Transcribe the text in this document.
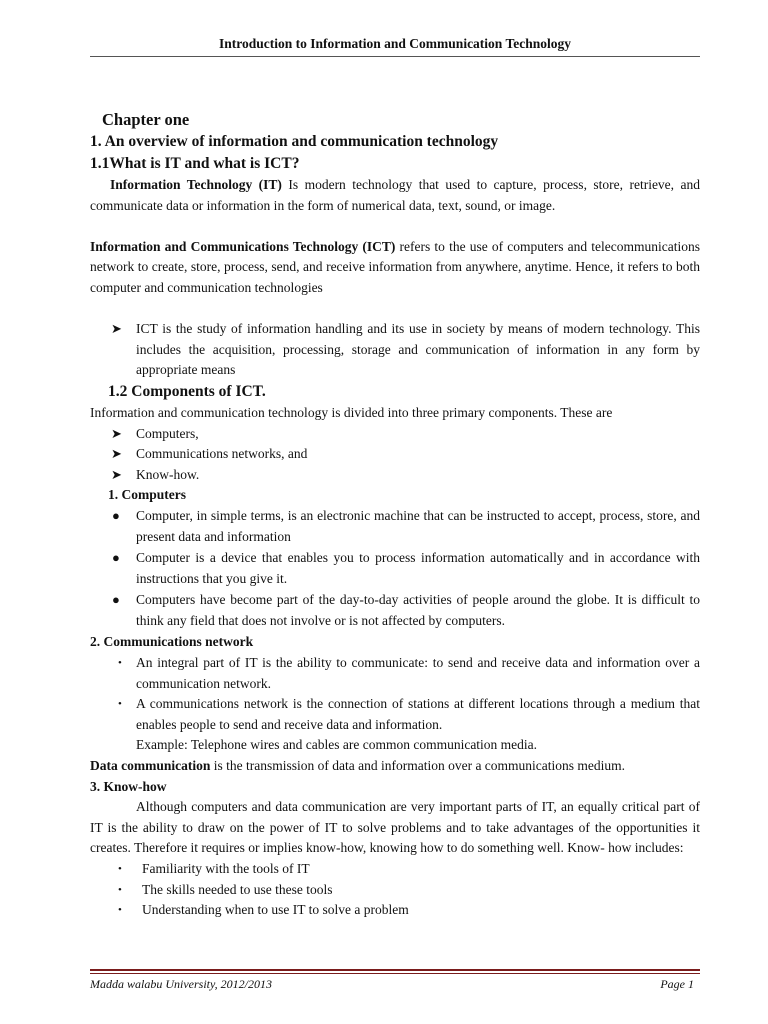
Introduction to Information and Communication Technology

Chapter one

1. An overview of information and communication technology

1.1What is IT and what is ICT?

Information Technology (IT) Is modern technology that used to capture, process, store, retrieve, and communicate data or information in the form of numerical data, text, sound, or image.

Information and Communications Technology (ICT) refers to the use of computers and telecommunications network to create, store, process, send, and receive information from anywhere, anytime. Hence, it refers to both computer and communication technologies

➤ ICT is the study of information handling and its use in society by means of modern technology. This includes the acquisition, processing, storage and communication of information in any form by appropriate means

1.2 Components of ICT.

Information and communication technology is divided into three primary components. These are

➤ Computers,
➤ Communications networks, and
➤ Know-how.

1. Computers

● Computer, in simple terms, is an electronic machine that can be instructed to accept, process, store, and present data and information
● Computer is a device that enables you to process information automatically and in accordance with instructions that you give it.
● Computers have become part of the day-to-day activities of people around the globe. It is difficult to think any field that does not involve or is not affected by computers.

2. Communications network

• An integral part of IT is the ability to communicate: to send and receive data and information over a communication network.
• A communications network is the connection of stations at different locations through a medium that enables people to send and receive data and information.

Example: Telephone wires and cables are common communication media.

Data communication is the transmission of data and information over a communications medium.

3. Know-how

Although computers and data communication are very important parts of IT, an equally critical part of IT is the ability to draw on the power of IT to solve problems and to take advantages of the opportunities it creates. Therefore it requires or implies know-how, knowing how to do something well. Know- how includes:

• Familiarity with the tools of IT
• The skills needed to use these tools
• Understanding when to use IT to solve a problem
Madda walabu University, 2012/2013	Page 1
